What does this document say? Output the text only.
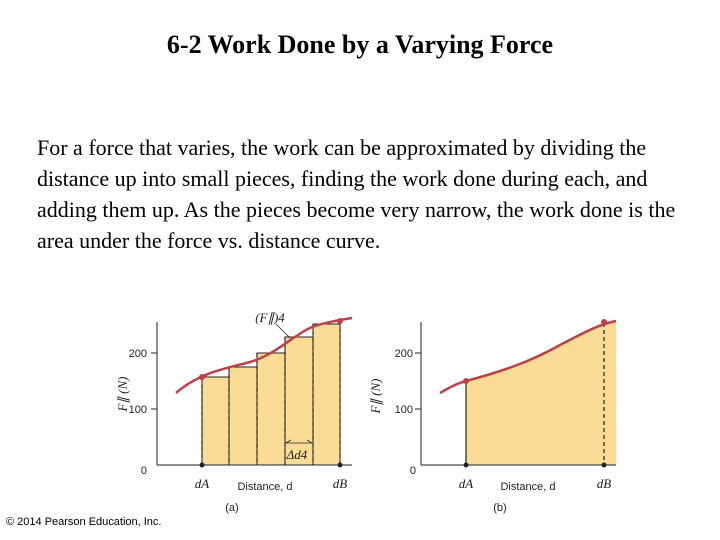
6-2 Work Done by a Varying Force
For a force that varies, the work can be approximated by dividing the distance up into small pieces, finding the work done during each, and adding them up. As the pieces become very narrow, the work done is the area under the force vs. distance curve.
200
100
0
F∥ (N)
dA	dB
Distance, d
(a)
(F∥)4
Δd4
200
100
0
F∥ (N)
dA	dB
Distance, d
(b)
© 2014 Pearson Education, Inc.
